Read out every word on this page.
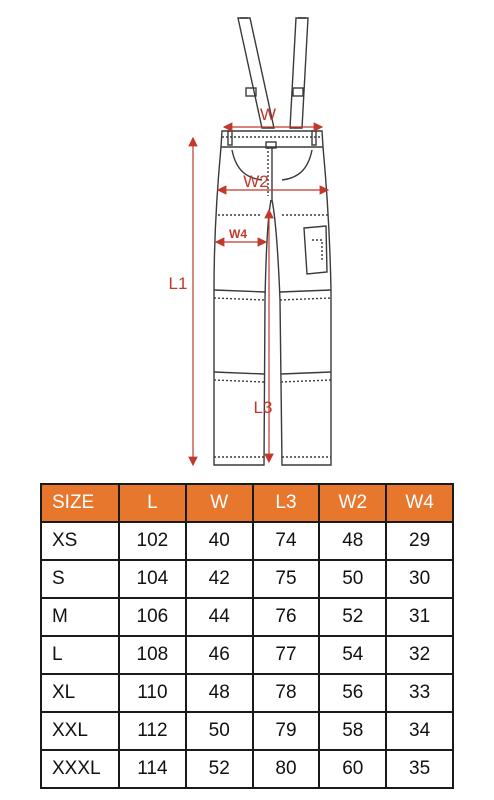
W
W2
W4
L1
L3
SIZE	L	W	L3	W2	W4
XS	102	40	74	48	29
S	104	42	75	50	30
M	106	44	76	52	31
L	108	46	77	54	32
XL	110	48	78	56	33
XXL	112	50	79	58	34
XXXL	114	52	80	60	35
